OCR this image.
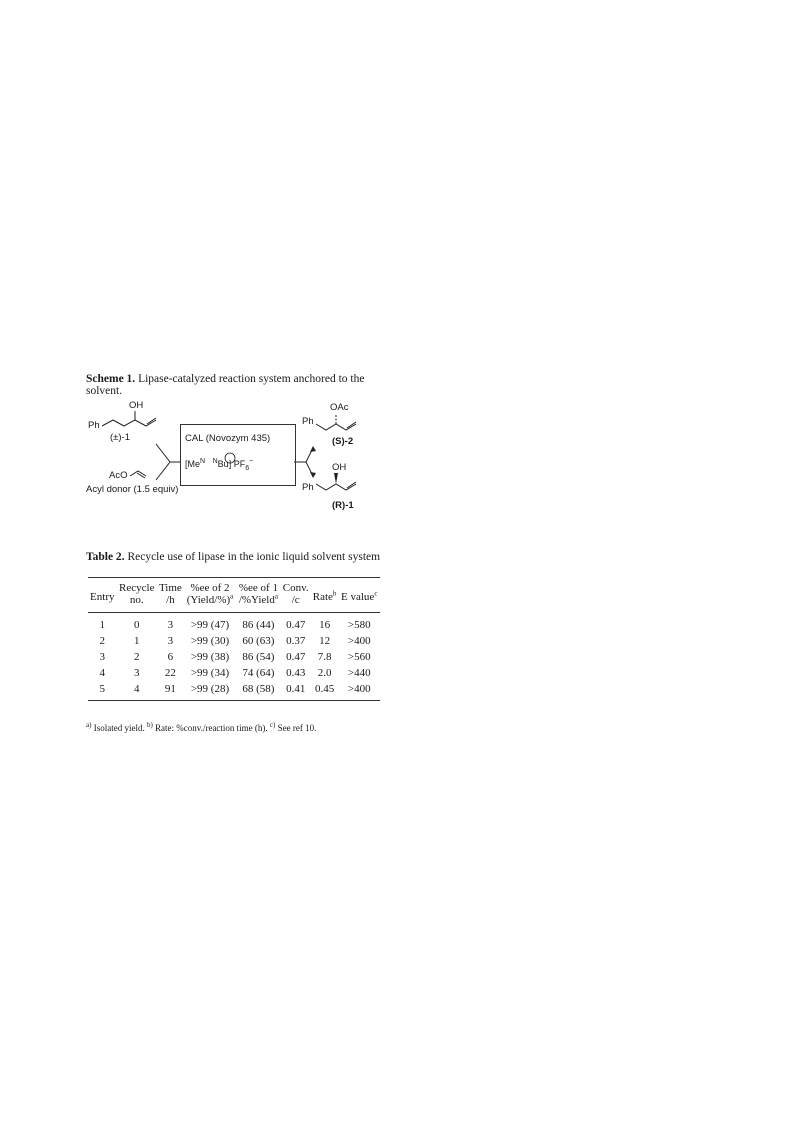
Scheme 1. Lipase-catalyzed reaction system anchored to the solvent.
OH
Ph
(±)-1
AcO
Acyl donor (1.5 equiv)
CAL (Novozym 435)
[$Me^N$ $^N$Bu] $PF_6^-$
OAc
Ph
(S)-2
OH
Ph
(R)-1
Table 2. Recycle use of lipase in the ionic liquid solvent system
Entry	Recycle	Time	%ee of 2	%ee of 1	Conv.	Rate$^b$	E value$^c$
	no.	/h	(Yield/%)$^a$	/%Yield$^a$	/c		
1	0	3	>99 (47)	86 (44)	0.47	16	>580
2	1	3	>99 (30)	60 (63)	0.37	12	>400
3	2	6	>99 (38)	86 (54)	0.47	7.8	>560
4	3	22	>99 (34)	74 (64)	0.43	2.0	>440
5	4	91	>99 (28)	68 (58)	0.41	0.45	>400
$^{a)}$ Isolated yield. $^{b)}$ Rate: %conv./reaction time (h). $^{c)}$ See ref 10.
